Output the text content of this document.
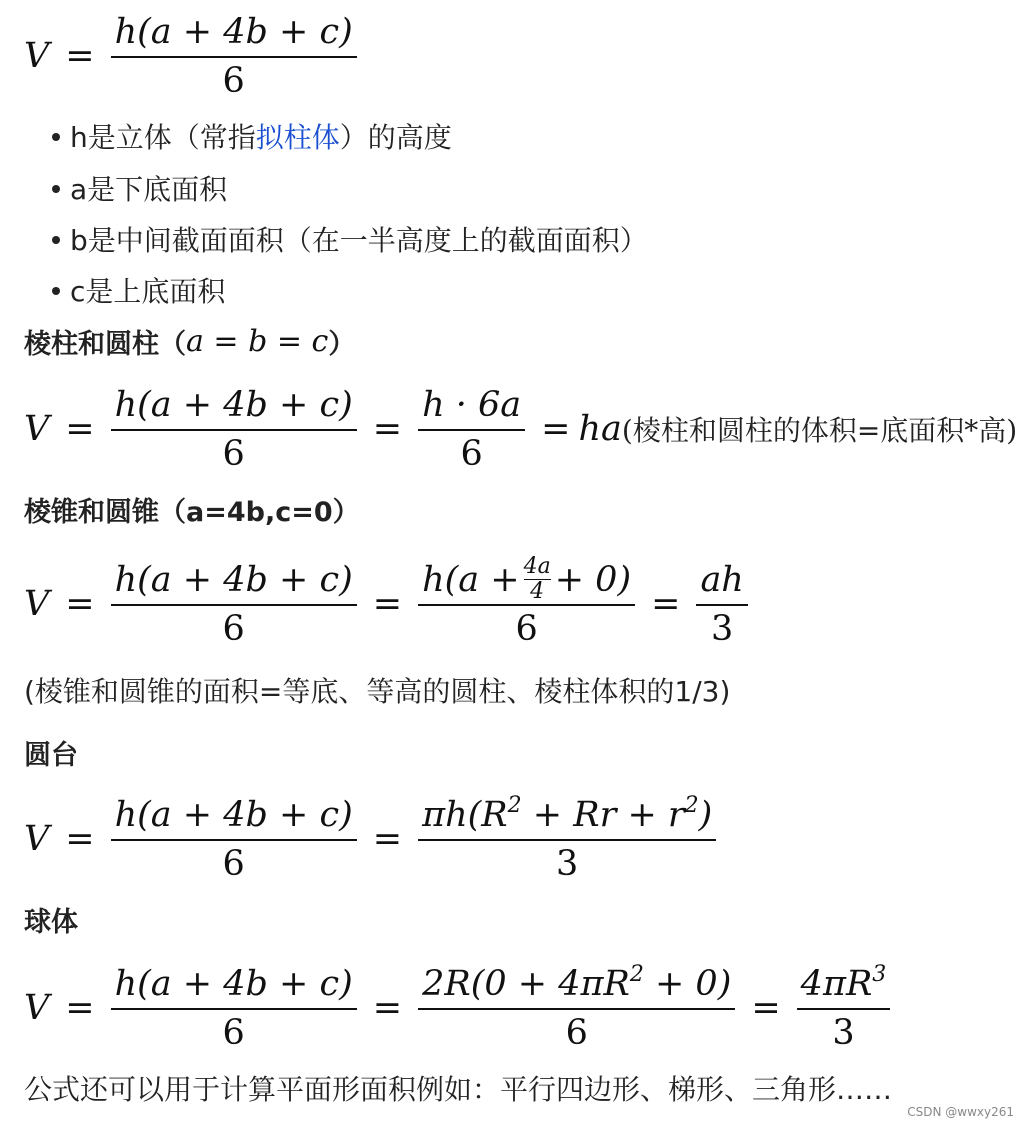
$V = \frac{h(a + 4b + c)}{6}$
h是立体（常指拟柱体）的高度
a是下底面积
b是中间截面面积（在一半高度上的截面面积）
c是上底面积
棱柱和圆柱（ a = b = c ）
$V = \frac{h(a + 4b + c)}{6} = \frac{h \cdot 6a}{6}$ = ha (棱柱和圆柱的体积=底面积*高)
棱锥和圆锥（a=4b,c=0）
$V = \frac{h(a + 4b + c)}{6} = h(a + 4a$
4 + 0)
$6 = \frac{ah}{3}$
(棱锥和圆锥的面积=等底、等高的圆柱、棱柱体积的1/3)
圆台
$V = \frac{h(a + 4b + c)}{6} = \frac{\pi h(R^2 + Rr + r^2)}{3}$
球体
$V = \frac{h(a + 4b + c)}{6} = \frac{2R(0 + 4\pi R^2 + 0)}{6} = \frac{4\pi R^3}{3}$
公式还可以用于计算平面形面积例如：平行四边形、梯形、三角形……
CSDN @wwxy261
